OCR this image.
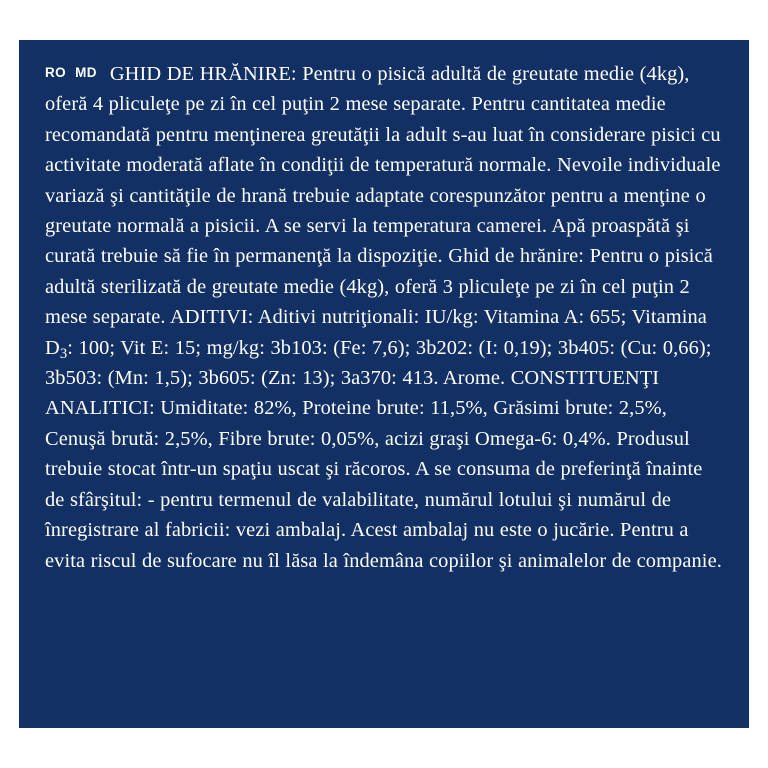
RO MD GHID DE HRĂNIRE: Pentru o pisică adultă de greutate medie (4kg), oferă 4 pliculeţe pe zi în cel puţin 2 mese separate. Pentru cantitatea medie recomandată pentru menţinerea greutăţii la adult s-au luat în considerare pisici cu activitate moderată aflate în condiţii de temperatură normale. Nevoile individuale variază şi cantităţile de hrană trebuie adaptate corespunzător pentru a menţine o greutate normală a pisicii. A se servi la temperatura camerei. Apă proaspătă şi curată trebuie să fie în permanenţă la dispoziţie. Ghid de hrănire: Pentru o pisică adultă sterilizată de greutate medie (4kg), oferă 3 pliculeţe pe zi în cel puţin 2 mese separate. ADITIVI: Aditivi nutriţionali: IU/kg: Vitamina A: 655; Vitamina $D_3$: 100; Vit E: 15; mg/kg: 3b103: (Fe: 7,6); 3b202: (I: 0,19); 3b405: (Cu: 0,66); 3b503: (Mn: 1,5); 3b605: (Zn: 13); 3a370: 413. Arome. CONSTITUENŢI ANALITICI: Umiditate: 82%, Proteine brute: 11,5%, Grăsimi brute: 2,5%, Cenuşă brută: 2,5%, Fibre brute: 0,05%, acizi graşi Omega-6: 0,4%. Produsul trebuie stocat într-un spaţiu uscat şi răcoros. A se consuma de preferinţă înainte de sfârşitul: - pentru termenul de valabilitate, numărul lotului şi numărul de înregistrare al fabricii: vezi ambalaj. Acest ambalaj nu este o jucărie. Pentru a evita riscul de sufocare nu îl lăsa la îndemâna copiilor şi animalelor de companie.
